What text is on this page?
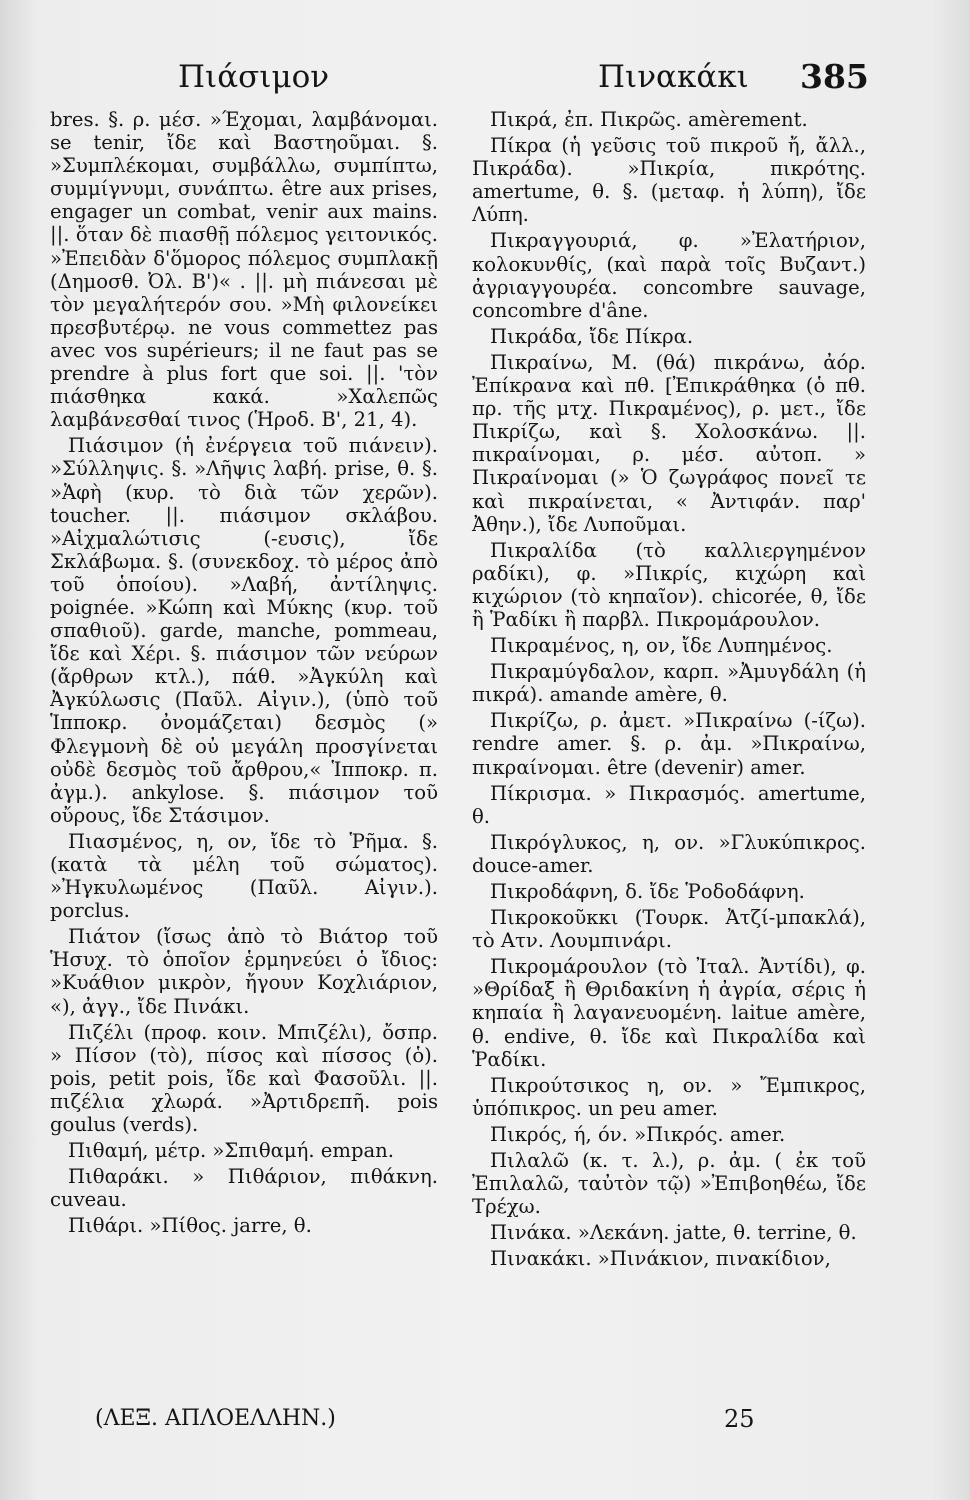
Πιάσιμον	Πινακάκι 385

bres. §. ρ. μέσ. »Έχομαι, λαμβάνομαι. se tenir, ἴδε καὶ Βαστηοῦμαι. §. »Συμπλέκομαι, συμβάλλω, συμπίπτω, συμμίγνυμι, συνάπτω. être aux prises, engager un combat, venir aux mains. ||. ὅταν δὲ πιασθῇ πόλεμος γειτονικός. »Ἐπειδὰν δ'ὅμορος πόλεμος συμπλακῇ (Δημοσθ. Ὀλ. Β')« . ||. μὴ πιάνεσαι μὲ τὸν μεγαλήτερόν σου. »Μὴ φιλονείκει πρεσβυτέρῳ. ne vous commettez pas avec vos supérieurs; il ne faut pas se prendre à plus fort que soi. ||. 'τὸν πιάσθηκα κακά. »Χαλεπῶς λαμβάνεσθαί τινος (Ἡροδ. Β', 21, 4).

Πιάσιμον (ἡ ἐνέργεια τοῦ πιάνειν). »Σύλληψις. §. »Λῆψις λαβή. prise, θ. §. »Ἁφὴ (κυρ. τὸ διὰ τῶν χερῶν). toucher. ||. πιάσιμον σκλάβου. »Αἰχμαλώτισις (-ευσις), ἴδε Σκλάβωμα. §. (συνεκδοχ. τὸ μέρος ἀπὸ τοῦ ὁποίου). »Λαβή, ἀντίληψις. poignée. »Κώπη καὶ Μύκης (κυρ. τοῦ σπαθιοῦ). garde, manche, pommeau, ἴδε καὶ Χέρι. §. πιάσιμον τῶν νεύρων (ἄρθρων κτλ.), πάθ. »Ἀγκύλη καὶ Ἀγκύλωσις (Παῦλ. Αἰγιν.), (ὑπὸ τοῦ Ἱπποκρ. ὀνομάζεται) δεσμὸς (» Φλεγμονὴ δὲ οὐ μεγάλη προσγίνεται οὐδὲ δεσμὸς τοῦ ἄρθρου,« Ἱπποκρ. π. ἀγμ.). ankylose. §. πιάσιμον τοῦ οὔρους, ἴδε Στάσιμον.

Πιασμένος, η, ον, ἴδε τὸ Ῥῆμα. §. (κατὰ τὰ μέλη τοῦ σώματος). »Ἠγκυλωμένος (Παῦλ. Αἰγιν.). porclus.

Πιάτον (ἴσως ἀπὸ τὸ Βιάτορ τοῦ Ἡσυχ. τὸ ὁποῖον ἑρμηνεύει ὁ ἴδιος: »Κυάθιον μικρὸν, ἤγουν Κοχλιάριον, «), ἀγγ., ἴδε Πινάκι.

Πιζέλι (προφ. κοιν. Μπιζέλι), ὄσπρ. » Πίσον (τὸ), πίσος καὶ πίσσος (ὁ). pois, petit pois, ἴδε καὶ Φασοῦλι. ||. πιζέλια χλωρά. »Ἀρτιδρεπῆ. pois goulus (verds).

Πιθαμή, μέτρ. »Σπιθαμή. empan.

Πιθαράκι. » Πιθάριον, πιθάκνη. cuveau.

Πιθάρι. »Πίθος. jarre, θ.

Πικρά, ἐπ. Πικρῶς. amèrement.

Πίκρα (ἡ γεῦσις τοῦ πικροῦ ἤ, ἄλλ., Πικράδα). »Πικρία, πικρότης. amertume, θ. §. (μεταφ. ἡ λύπη), ἴδε Λύπη.

Πικραγγουριά, φ. »Ἐλατήριον, κολοκυνθίς, (καὶ παρὰ τοῖς Βυζαντ.) ἀγριαγγουρέα. concombre sauvage, concombre d'âne.

Πικράδα, ἴδε Πίκρα.

Πικραίνω, Μ. (θά) πικράνω, ἀόρ. Ἐπίκρανα καὶ πθ. [Ἐπικράθηκα (ὁ πθ. πρ. τῆς μτχ. Πικραμένος), ρ. μετ., ἴδε Πικρίζω, καὶ §. Χολοσκάνω. ||. πικραίνομαι, ρ. μέσ. αὐτοπ. » Πικραίνομαι (» Ὁ ζωγράφος πονεῖ τε καὶ πικραίνεται, « Ἀντιφάν. παρ' Ἀθην.), ἴδε Λυποῦμαι.

Πικραλίδα (τὸ καλλιεργημένον ραδίκι), φ. »Πικρίς, κιχώρη καὶ κιχώριον (τὸ κηπαῖον). chicorée, θ, ἴδε ἢ Ῥαδίκι ἢ παρβλ. Πικρομάρουλον.

Πικραμένος, η, ον, ἴδε Λυπημένος.

Πικραμύγδαλον, καρπ. »Ἀμυγδάλη (ἡ πικρά). amande amère, θ.

Πικρίζω, ρ. ἀμετ. »Πικραίνω (-ίζω). rendre amer. §. ρ. ἀμ. »Πικραίνω, πικραίνομαι. être (devenir) amer.

Πίκρισμα. » Πικρασμός. amertume, θ.

Πικρόγλυκος, η, ον. »Γλυκύπικρος. douce-amer.

Πικροδάφνη, δ. ἴδε Ῥοδοδάφνη.

Πικροκοῦκκι (Τουρκ. Ἀτζί-μπακλά), τὸ Ατν. Λουμπινάρι.

Πικρομάρουλον (τὸ Ἰταλ. Ἀντίδι), φ. »Θρίδαξ ἢ Θριδακίνη ἡ ἀγρία, σέρις ἡ κηπαία ἢ λαγανευομένη. laitue amère, θ. endive, θ. ἴδε καὶ Πικραλίδα καὶ Ῥαδίκι.

Πικρούτσικος η, ον. » Ἔμπικρος, ὑπόπικρος. un peu amer.

Πικρός, ή, όν. »Πικρός. amer.

Πιλαλῶ (κ. τ. λ.), ρ. ἀμ. ( ἐκ τοῦ Ἐπιλαλῶ, ταὐτὸν τῷ) »Ἐπιβοηθέω, ἴδε Τρέχω.

Πινάκα. »Λεκάνη. jatte, θ. terrine, θ.

Πινακάκι. »Πινάκιον, πινακίδιον,

(ΛΕΞ. ΑΠΛΟΕΛΛΗΝ.)	25
